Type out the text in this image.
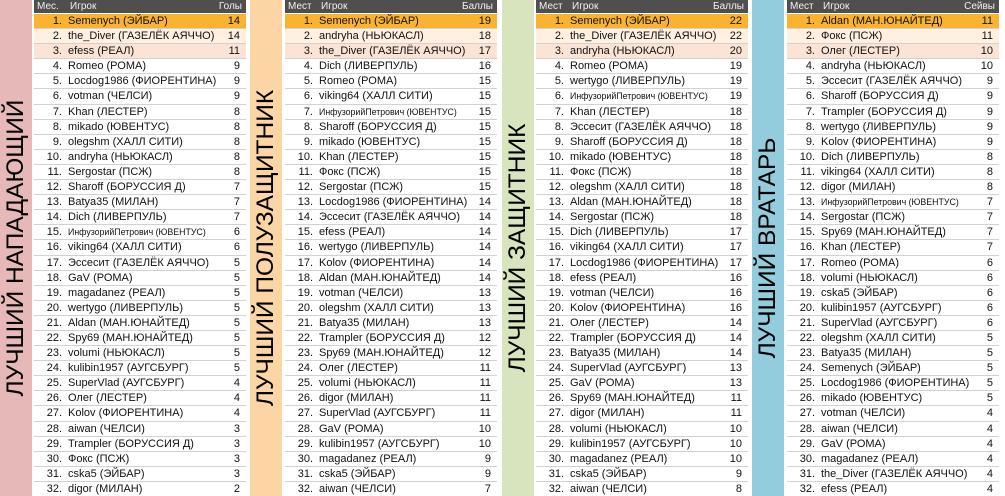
ЛУЧШИЙ НАПАДАЮЩИЙ
Мес.	Игрок	Голы
1. Semenych (ЭЙБАР)	14
2. the_Diver (ГАЗЕЛЁК АЯЧЧО)	14
3. efess (РЕАЛ)	11
4. Romeo (РОМА)	9
5. Locdog1986 (ФИОРЕНТИНА)	9
6. votman (ЧЕЛСИ)	9
7. Khan (ЛЕСТЕР)	8
8. mikado (ЮВЕНТУС)	8
9. olegshm (ХАЛЛ СИТИ)	8
10. andryha (НЬЮКАСЛ)	8
11. Sergostar (ПСЖ)	8
12. Sharoff (БОРУССИЯ Д)	7
13. Batya35 (МИЛАН)	7
14. Dich (ЛИВЕРПУЛЬ)	7
15. ИнфузорийПетрович (ЮВЕНТУС)	6
16. viking64 (ХАЛЛ СИТИ)	6
17. Эссесит (ГАЗЕЛЁК АЯЧЧО)	5
18. GaV (РОМА)	5
19. magadanez (РЕАЛ)	5
20. wertygo (ЛИВЕРПУЛЬ)	5
21. Aldan (МАН.ЮНАЙТЕД)	5
22. Spy69 (МАН.ЮНАЙТЕД)	5
23. volumi (НЬЮКАСЛ)	5
24. kulibin1957 (АУГСБУРГ)	5
25. SuperVlad (АУГСБУРГ)	4
26. Олег (ЛЕСТЕР)	4
27. Kolov (ФИОРЕНТИНА)	4
28. aiwan (ЧЕЛСИ)	3
29. Trampler (БОРУССИЯ Д)	3
30. Фокс (ПСЖ)	3
31. cska5 (ЭЙБАР)	3
32. digor (МИЛАН)	2
ЛУЧШИЙ ПОЛУЗАЩИТНИК
Мест Игрок	Баллы
1. Semenych (ЭЙБАР)	19
2. andryha (НЬЮКАСЛ)	18
3. the_Diver (ГАЗЕЛЁК АЯЧЧО)	17
4. Dich (ЛИВЕРПУЛЬ)	16
5. Romeo (РОМА)	15
6. viking64 (ХАЛЛ СИТИ)	15
7. ИнфузорийПетрович (ЮВЕНТУС)	15
8. Sharoff (БОРУССИЯ Д)	15
9. mikado (ЮВЕНТУС)	15
10. Khan (ЛЕСТЕР)	15
11. Фокс (ПСЖ)	15
12. Sergostar (ПСЖ)	15
13. Locdog1986 (ФИОРЕНТИНА)	14
14. Эссесит (ГАЗЕЛЁК АЯЧЧО)	14
15. efess (РЕАЛ)	14
16. wertygo (ЛИВЕРПУЛЬ)	14
17. Kolov (ФИОРЕНТИНА)	14
18. Aldan (МАН.ЮНАЙТЕД)	14
19. votman (ЧЕЛСИ)	13
20. olegshm (ХАЛЛ СИТИ)	13
21. Batya35 (МИЛАН)	13
22. Trampler (БОРУССИЯ Д)	12
23. Spy69 (МАН.ЮНАЙТЕД)	12
24. Олег (ЛЕСТЕР)	11
25. volumi (НЬЮКАСЛ)	11
26. digor (МИЛАН)	11
27. SuperVlad (АУГСБУРГ)	11
28. GaV (РОМА)	10
29. kulibin1957 (АУГСБУРГ)	10
30. magadanez (РЕАЛ)	9
31. cska5 (ЭЙБАР)	9
32. aiwan (ЧЕЛСИ)	7
ЛУЧШИЙ ЗАЩИТНИК
Мест Игрок	Баллы
1. Semenych (ЭЙБАР)	22
2. the_Diver (ГАЗЕЛЁК АЯЧЧО)	22
3. andryha (НЬЮКАСЛ)	20
4. Romeo (РОМА)	19
5. wertygo (ЛИВЕРПУЛЬ)	19
6. ИнфузорийПетрович (ЮВЕНТУС)	19
7. Khan (ЛЕСТЕР)	18
8. Эссесит (ГАЗЕЛЁК АЯЧЧО)	18
9. Sharoff (БОРУССИЯ Д)	18
10. mikado (ЮВЕНТУС)	18
11. Фокс (ПСЖ)	18
12. olegshm (ХАЛЛ СИТИ)	18
13. Aldan (МАН.ЮНАЙТЕД)	18
14. Sergostar (ПСЖ)	18
15. Dich (ЛИВЕРПУЛЬ)	17
16. viking64 (ХАЛЛ СИТИ)	17
17. Locdog1986 (ФИОРЕНТИНА)	17
18. efess (РЕАЛ)	16
19. votman (ЧЕЛСИ)	16
20. Kolov (ФИОРЕНТИНА)	16
21. Олег (ЛЕСТЕР)	14
22. Trampler (БОРУССИЯ Д)	14
23. Batya35 (МИЛАН)	14
24. SuperVlad (АУГСБУРГ)	13
25. GaV (РОМА)	13
26. Spy69 (МАН.ЮНАЙТЕД)	11
27. digor (МИЛАН)	11
28. volumi (НЬЮКАСЛ)	10
29. kulibin1957 (АУГСБУРГ)	10
30. magadanez (РЕАЛ)	10
31. cska5 (ЭЙБАР)	9
32. aiwan (ЧЕЛСИ)	8
ЛУЧШИЙ ВРАТАРЬ
Мест Игрок	Сейвы
1. Aldan (МАН.ЮНАЙТЕД)	11
2. Фокс (ПСЖ)	11
3. Олег (ЛЕСТЕР)	10
4. andryha (НЬЮКАСЛ)	10
5. Эссесит (ГАЗЕЛЁК АЯЧЧО)	9
6. Sharoff (БОРУССИЯ Д)	9
7. Trampler (БОРУССИЯ Д)	9
8. wertygo (ЛИВЕРПУЛЬ)	9
9. Kolov (ФИОРЕНТИНА)	9
10. Dich (ЛИВЕРПУЛЬ)	8
11. viking64 (ХАЛЛ СИТИ)	8
12. digor (МИЛАН)	8
13. ИнфузорийПетрович (ЮВЕНТУС)	7
14. Sergostar (ПСЖ)	7
15. Spy69 (МАН.ЮНАЙТЕД)	7
16. Khan (ЛЕСТЕР)	7
17. Romeo (РОМА)	6
18. volumi (НЬЮКАСЛ)	6
19. cska5 (ЭЙБАР)	6
20. kulibin1957 (АУГСБУРГ)	6
21. SuperVlad (АУГСБУРГ)	6
22. olegshm (ХАЛЛ СИТИ)	5
23. Batya35 (МИЛАН)	5
24. Semenych (ЭЙБАР)	5
25. Locdog1986 (ФИОРЕНТИНА)	5
26. mikado (ЮВЕНТУС)	5
27. votman (ЧЕЛСИ)	4
28. aiwan (ЧЕЛСИ)	4
29. GaV (РОМА)	4
30. magadanez (РЕАЛ)	4
31. the_Diver (ГАЗЕЛЁК АЯЧЧО)	4
32. efess (РЕАЛ)	4
